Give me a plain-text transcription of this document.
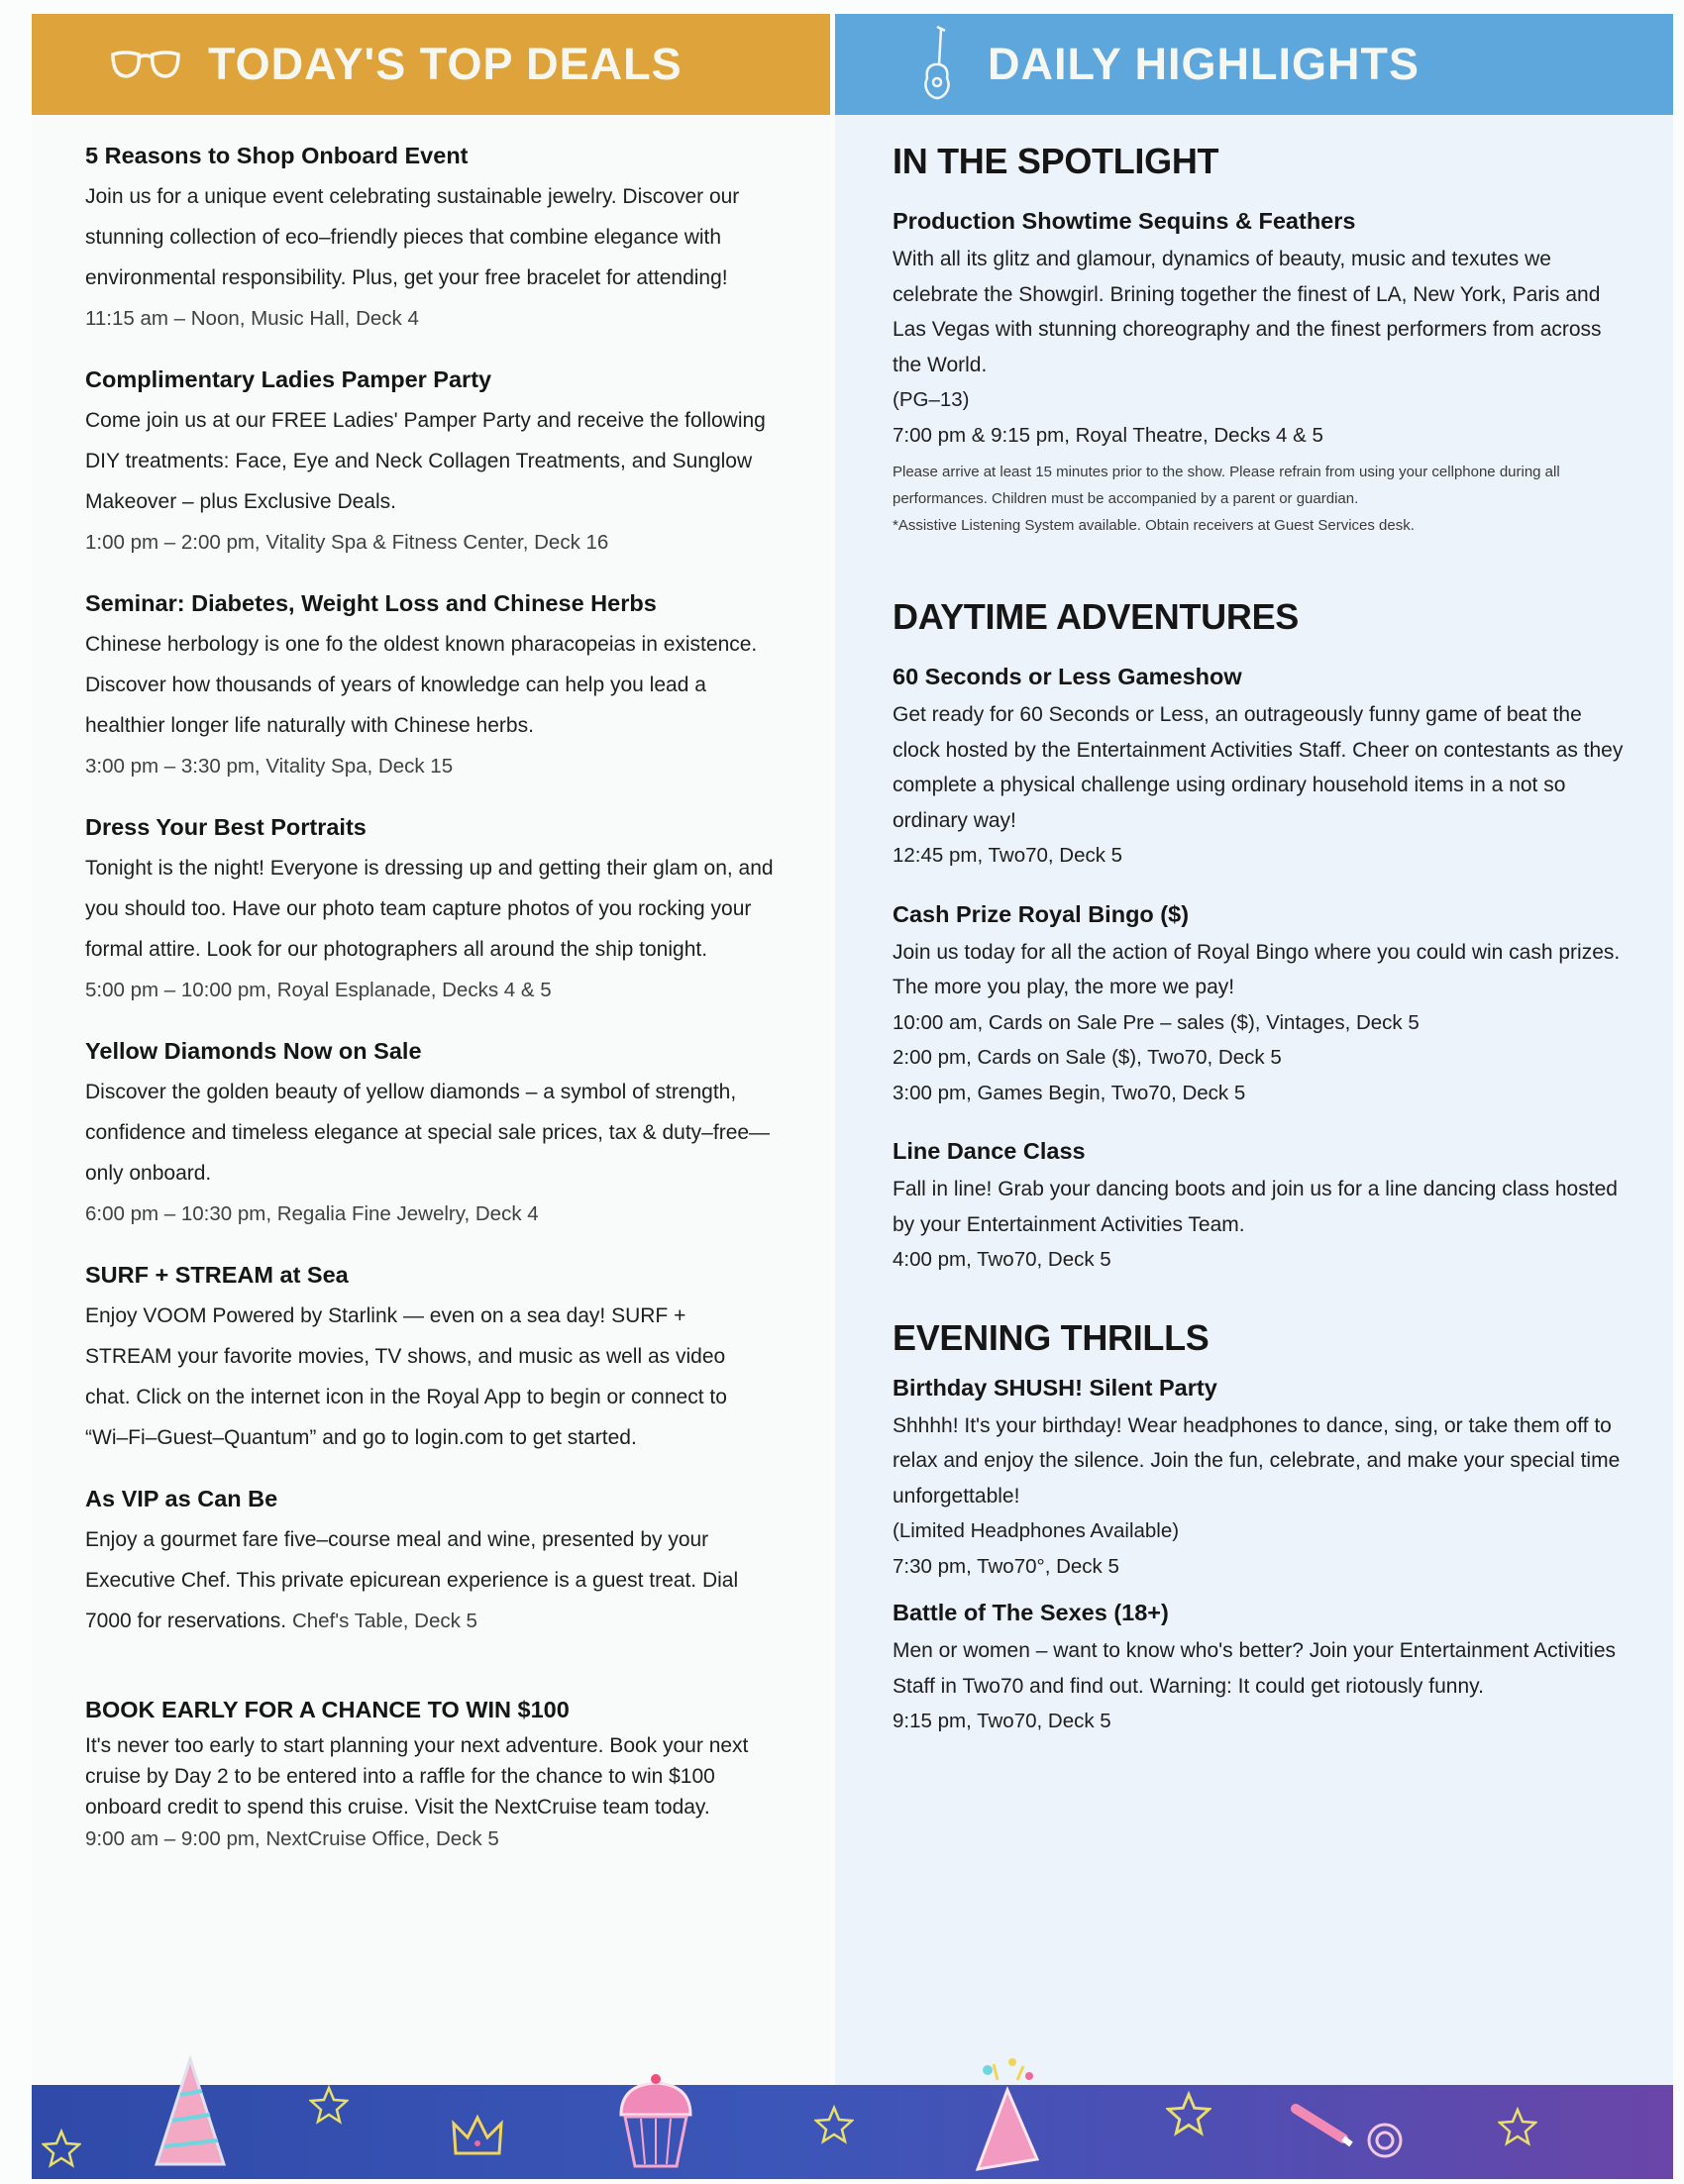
TODAY'S TOP DEALS	DAILY HIGHLIGHTS

5 Reasons to Shop Onboard Event

Join us for a unique event celebrating sustainable jewelry. Discover our stunning collection of eco–friendly pieces that combine elegance with environmental responsibility. Plus, get your free bracelet for attending!

11:15 am – Noon, Music Hall, Deck 4

Complimentary Ladies Pamper Party

Come join us at our FREE Ladies' Pamper Party and receive the following DIY treatments: Face, Eye and Neck Collagen Treatments, and Sunglow Makeover – plus Exclusive Deals.

1:00 pm – 2:00 pm, Vitality Spa & Fitness Center, Deck 16

Seminar: Diabetes, Weight Loss and Chinese Herbs

Chinese herbology is one fo the oldest known pharacopeias in existence. Discover how thousands of years of knowledge can help you lead a healthier longer life naturally with Chinese herbs.

3:00 pm – 3:30 pm, Vitality Spa, Deck 15

Dress Your Best Portraits

Tonight is the night! Everyone is dressing up and getting their glam on, and you should too. Have our photo team capture photos of you rocking your formal attire. Look for our photographers all around the ship tonight.

5:00 pm – 10:00 pm, Royal Esplanade, Decks 4 & 5

Yellow Diamonds Now on Sale

Discover the golden beauty of yellow diamonds – a symbol of strength, confidence and timeless elegance at special sale prices, tax & duty–free—only onboard.

6:00 pm – 10:30 pm, Regalia Fine Jewelry, Deck 4

SURF + STREAM at Sea

Enjoy VOOM Powered by Starlink — even on a sea day! SURF + STREAM your favorite movies, TV shows, and music as well as video chat. Click on the internet icon in the Royal App to begin or connect to “Wi–Fi–Guest–Quantum” and go to login.com to get started.

As VIP as Can Be

Enjoy a gourmet fare five–course meal and wine, presented by your Executive Chef. This private epicurean experience is a guest treat. Dial 7000 for reservations. Chef's Table, Deck 5

BOOK EARLY FOR A CHANCE TO WIN $100

It's never too early to start planning your next adventure. Book your next cruise by Day 2 to be entered into a raffle for the chance to win $100 onboard credit to spend this cruise. Visit the NextCruise team today.

9:00 am – 9:00 pm, NextCruise Office, Deck 5

IN THE SPOTLIGHT

Production Showtime Sequins & Feathers

With all its glitz and glamour, dynamics of beauty, music and texutes we celebrate the Showgirl. Brining together the finest of LA, New York, Paris and Las Vegas with stunning choreography and the finest performers from across the World.

(PG–13)

7:00 pm & 9:15 pm, Royal Theatre, Decks 4 & 5

Please arrive at least 15 minutes prior to the show. Please refrain from using your cellphone during all performances. Children must be accompanied by a parent or guardian.

*Assistive Listening System available. Obtain receivers at Guest Services desk.

DAYTIME ADVENTURES

60 Seconds or Less Gameshow

Get ready for 60 Seconds or Less, an outrageously funny game of beat the clock hosted by the Entertainment Activities Staff. Cheer on contestants as they complete a physical challenge using ordinary household items in a not so ordinary way!

12:45 pm, Two70, Deck 5

Cash Prize Royal Bingo ($)

Join us today for all the action of Royal Bingo where you could win cash prizes. The more you play, the more we pay!

10:00 am, Cards on Sale Pre – sales ($), Vintages, Deck 5

2:00 pm, Cards on Sale ($), Two70, Deck 5

3:00 pm, Games Begin, Two70, Deck 5

Line Dance Class

Fall in line! Grab your dancing boots and join us for a line dancing class hosted by your Entertainment Activities Team.

4:00 pm, Two70, Deck 5

EVENING THRILLS

Birthday SHUSH! Silent Party

Shhhh! It's your birthday! Wear headphones to dance, sing, or take them off to relax and enjoy the silence. Join the fun, celebrate, and make your special time unforgettable!

(Limited Headphones Available)

7:30 pm, Two70°, Deck 5

Battle of The Sexes (18+)

Men or women – want to know who's better? Join your Entertainment Activities Staff in Two70 and find out. Warning: It could get riotously funny.

9:15 pm, Two70, Deck 5
